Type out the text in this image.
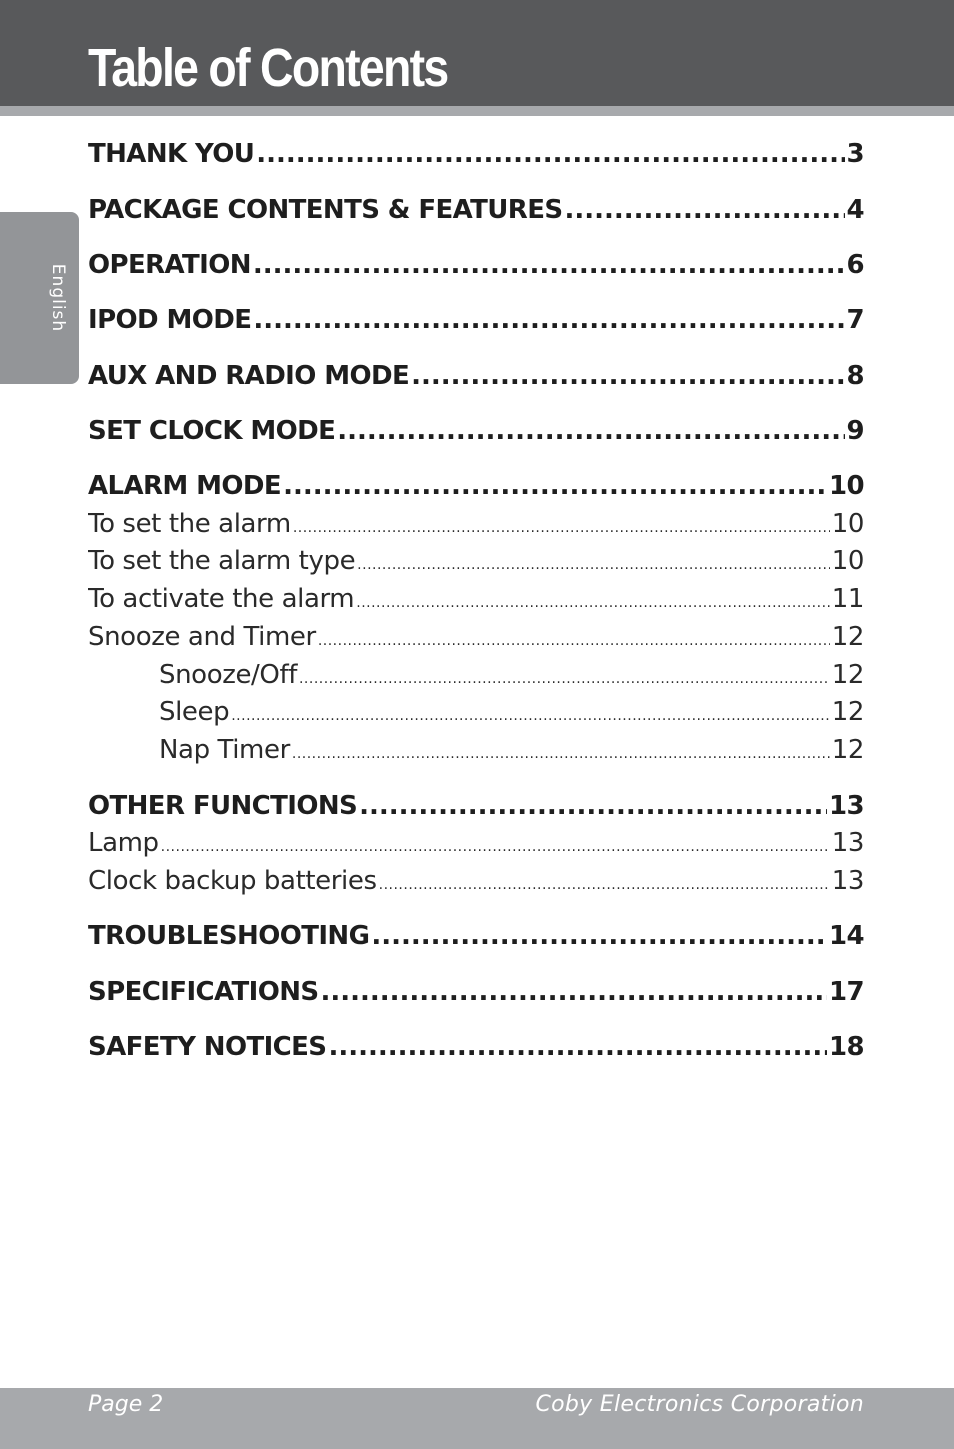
Table of Contents
English
THANK YOU .....	3
PACKAGE CONTENTS & FEATURES .....	4
OPERATION .....	6
IPOD MODE .....	7
AUX AND RADIO MODE .....	8
SET CLOCK MODE .....	9
ALARM MODE .....	10
To set the alarm .....	10
To set the alarm type .....	10
To activate the alarm .....	11
Snooze and Timer .....	12
Snooze/Off .....	12
Sleep .....	12
Nap Timer .....	12
OTHER FUNCTIONS .....	13
Lamp .....	13
Clock backup batteries .....	13
TROUBLESHOOTING .....	14
SPECIFICATIONS .....	17
SAFETY NOTICES .....	18
Page 2	Coby Electronics Corporation
